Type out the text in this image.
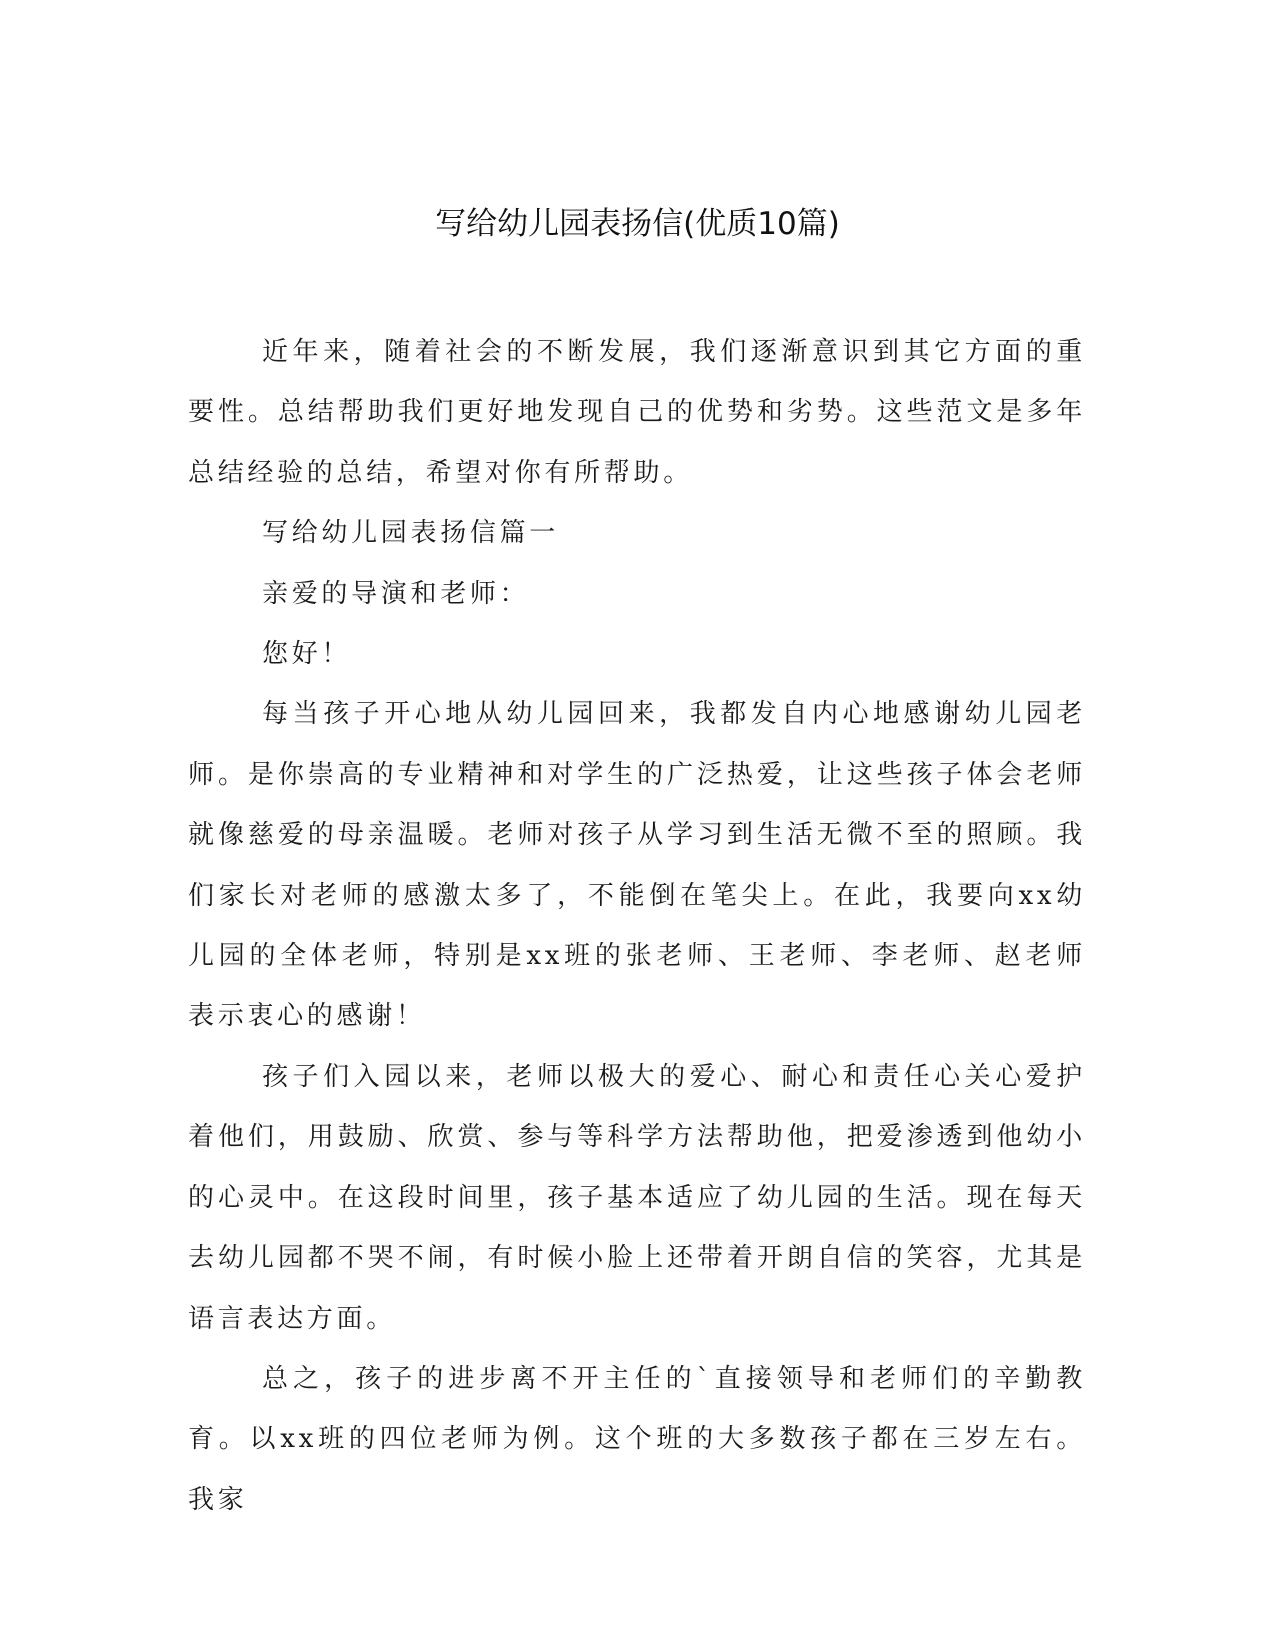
写给幼儿园表扬信(优质10篇)

近年来，随着社会的不断发展，我们逐渐意识到其它方面的重要性。总结帮助我们更好地发现自己的优势和劣势。这些范文是多年总结经验的总结，希望对你有所帮助。

写给幼儿园表扬信篇一

亲爱的导演和老师：

您好！

每当孩子开心地从幼儿园回来，我都发自内心地感谢幼儿园老师。是你崇高的专业精神和对学生的广泛热爱，让这些孩子体会老师就像慈爱的母亲温暖。老师对孩子从学习到生活无微不至的照顾。我们家长对老师的感激太多了，不能倒在笔尖上。在此，我要向xx幼儿园的全体老师，特别是xx班的张老师、王老师、李老师、赵老师表示衷心的感谢！

孩子们入园以来，老师以极大的爱心、耐心和责任心关心爱护着他们，用鼓励、欣赏、参与等科学方法帮助他，把爱渗透到他幼小的心灵中。在这段时间里，孩子基本适应了幼儿园的生活。现在每天去幼儿园都不哭不闹，有时候小脸上还带着开朗自信的笑容，尤其是语言表达方面。

总之，孩子的进步离不开主任的`直接领导和老师们的辛勤教育。以xx班的四位老师为例。这个班的大多数孩子都在三岁左右。我家
